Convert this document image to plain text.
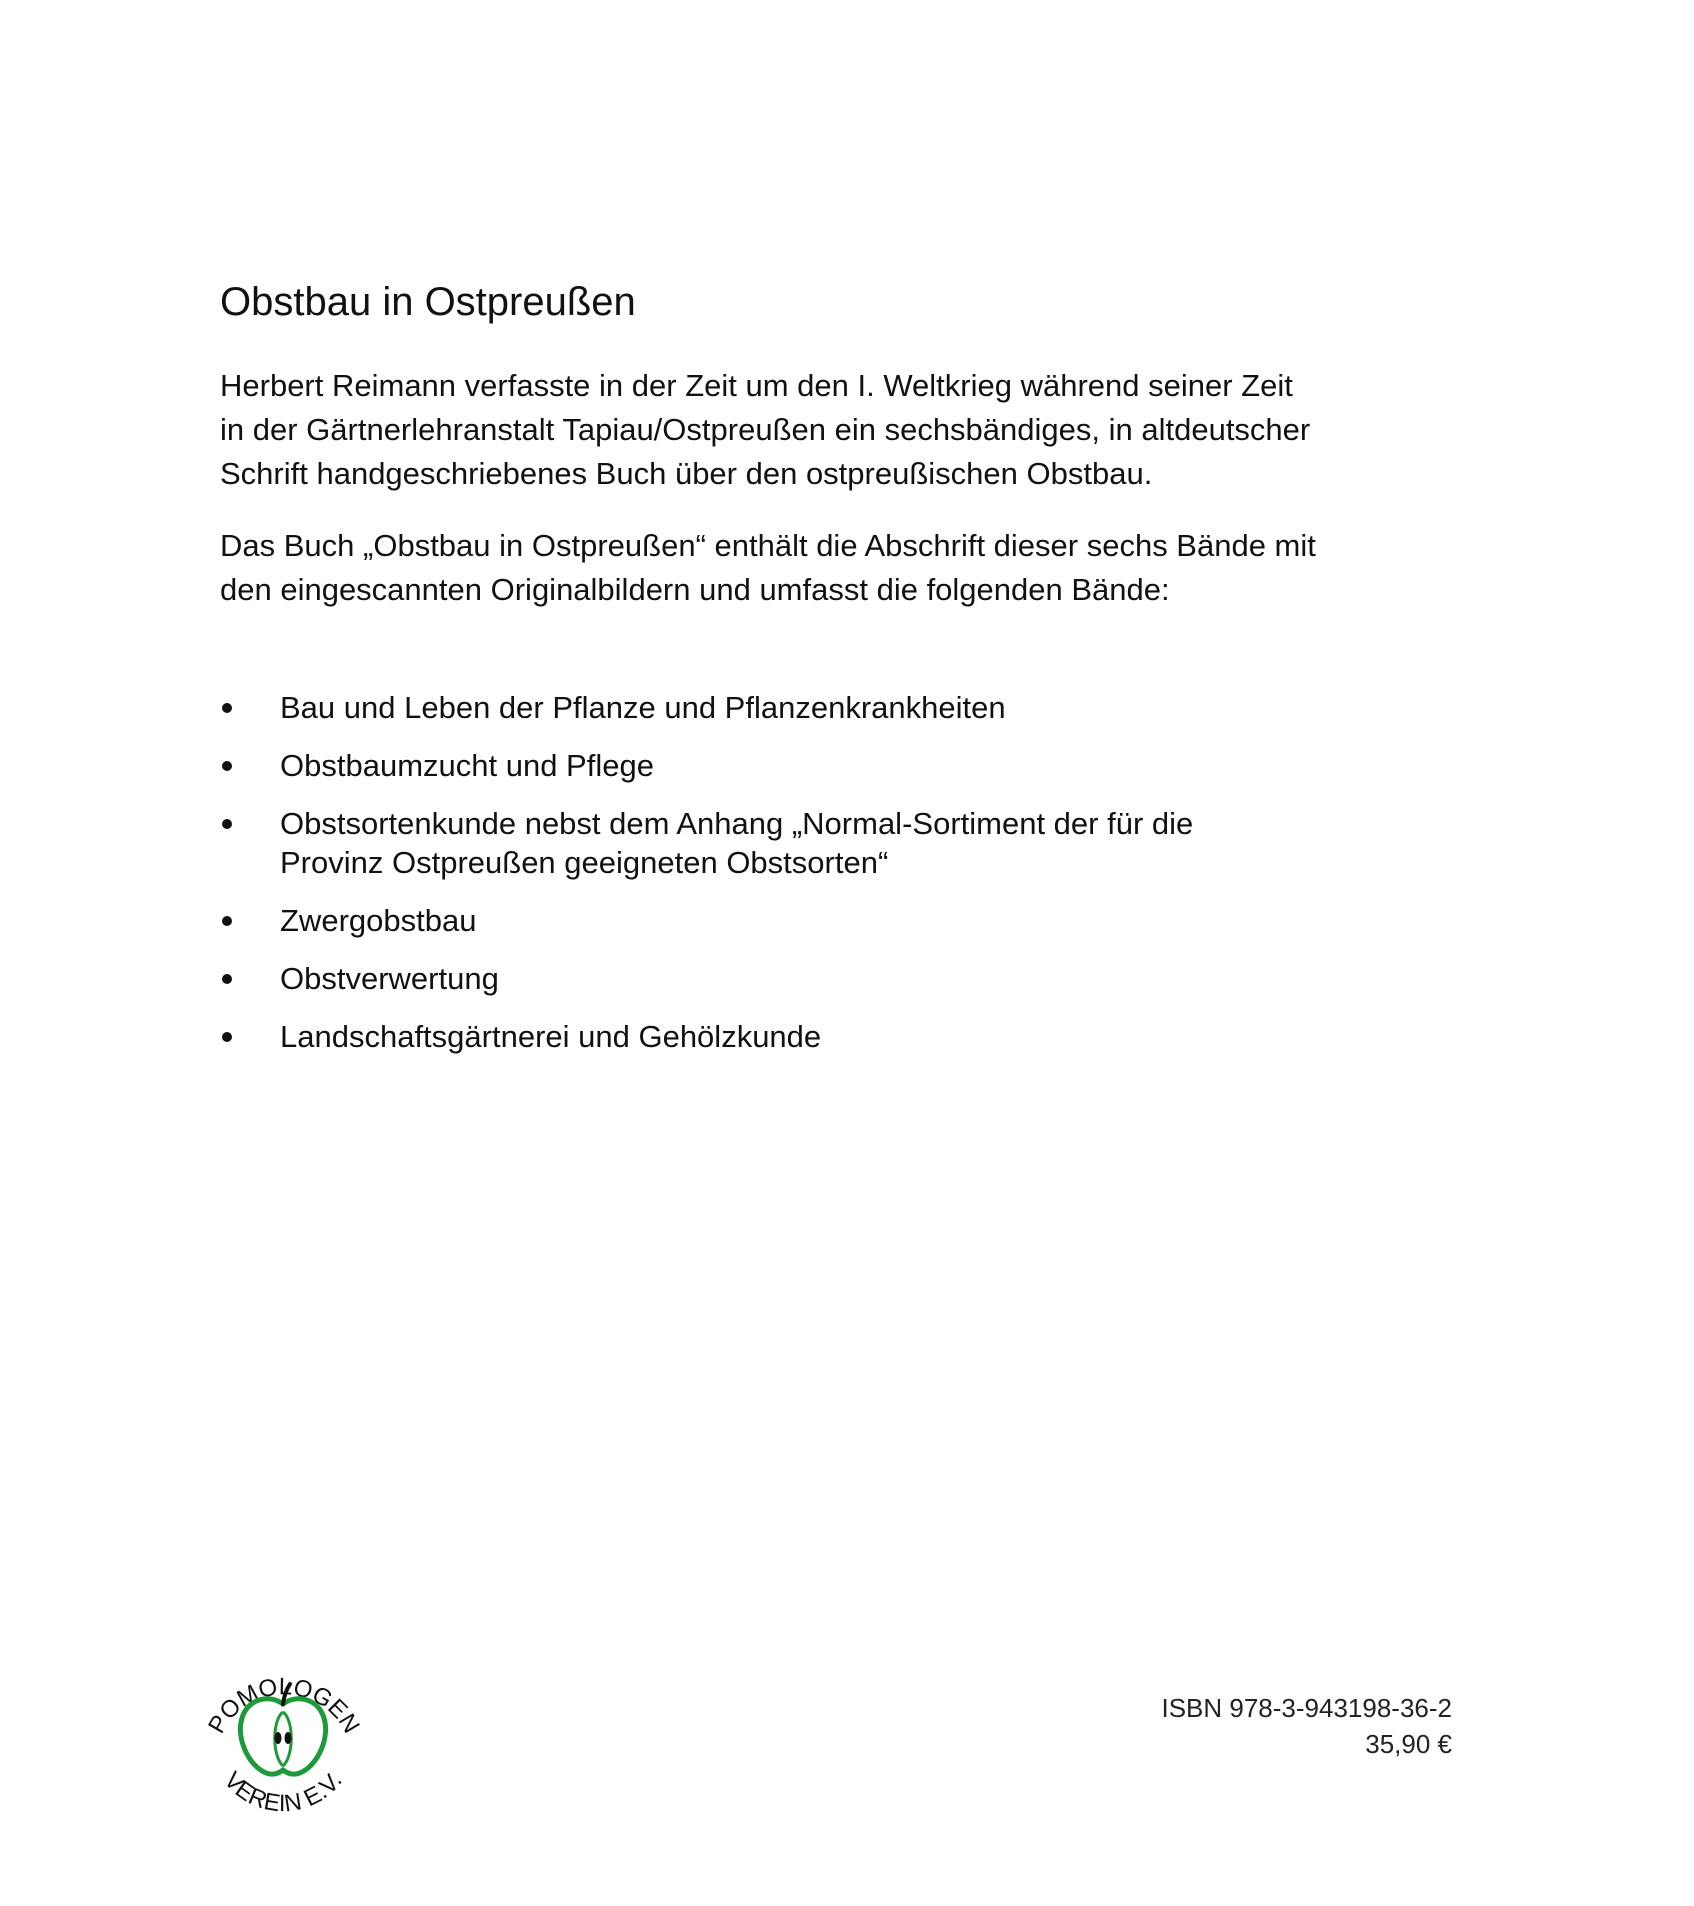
Obstbau in Ostpreußen

Herbert Reimann verfasste in der Zeit um den I. Weltkrieg während seiner Zeit
in der Gärtnerlehranstalt Tapiau/Ostpreußen ein sechsbändiges, in altdeutscher
Schrift handgeschriebenes Buch über den ostpreußischen Obstbau.

Das Buch „Obstbau in Ostpreußen“ enthält die Abschrift dieser sechs Bände mit
den eingescannten Originalbildern und umfasst die folgenden Bände:

Bau und Leben der Pflanze und Pflanzenkrankheiten
Obstbaumzucht und Pflege
Obstsortenkunde nebst dem Anhang „Normal-Sortiment der für die
Provinz Ostpreußen geeigneten Obstsorten“
Zwergobstbau
Obstverwertung
Landschaftsgärtnerei und Gehölzkunde
POMOLOGEN
VEREIN E.V.
ISBN 978-3-943198-36-2
35,90 €
